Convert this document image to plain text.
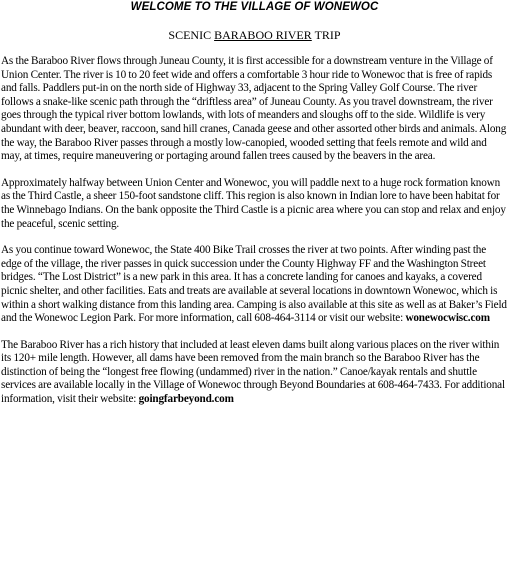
WELCOME TO THE VILLAGE OF WONEWOC

SCENIC BARABOO RIVER TRIP

As the Baraboo River flows through Juneau County, it is first accessible for a downstream venture in the Village of Union Center. The river is 10 to 20 feet wide and offers a comfortable 3 hour ride to Wonewoc that is free of rapids and falls. Paddlers put-in on the north side of Highway 33, adjacent to the Spring Valley Golf Course. The river follows a snake-like scenic path through the “driftless area” of Juneau County. As you travel downstream, the river goes through the typical river bottom lowlands, with lots of meanders and sloughs off to the side. Wildlife is very abundant with deer, beaver, raccoon, sand hill cranes, Canada geese and other assorted other birds and animals. Along the way, the Baraboo River passes through a mostly low-canopied, wooded setting that feels remote and wild and may, at times, require maneuvering or portaging around fallen trees caused by the beavers in the area.

Approximately halfway between Union Center and Wonewoc, you will paddle next to a huge rock formation known as the Third Castle, a sheer 150-foot sandstone cliff. This region is also known in Indian lore to have been habitat for the Winnebago Indians. On the bank opposite the Third Castle is a picnic area where you can stop and relax and enjoy the peaceful, scenic setting.

As you continue toward Wonewoc, the State 400 Bike Trail crosses the river at two points. After winding past the edge of the village, the river passes in quick succession under the County Highway FF and the Washington Street bridges. “The Lost District” is a new park in this area. It has a concrete landing for canoes and kayaks, a covered picnic shelter, and other facilities. Eats and treats are available at several locations in downtown Wonewoc, which is within a short walking distance from this landing area. Camping is also available at this site as well as at Baker’s Field and the Wonewoc Legion Park. For more information, call 608-464-3114 or visit our website: wonewocwisc.com

The Baraboo River has a rich history that included at least eleven dams built along various places on the river within its 120+ mile length. However, all dams have been removed from the main branch so the Baraboo River has the distinction of being the “longest free flowing (undammed) river in the nation.” Canoe/kayak rentals and shuttle services are available locally in the Village of Wonewoc through Beyond Boundaries at 608-464-7433. For additional information, visit their website: goingfarbeyond.com
